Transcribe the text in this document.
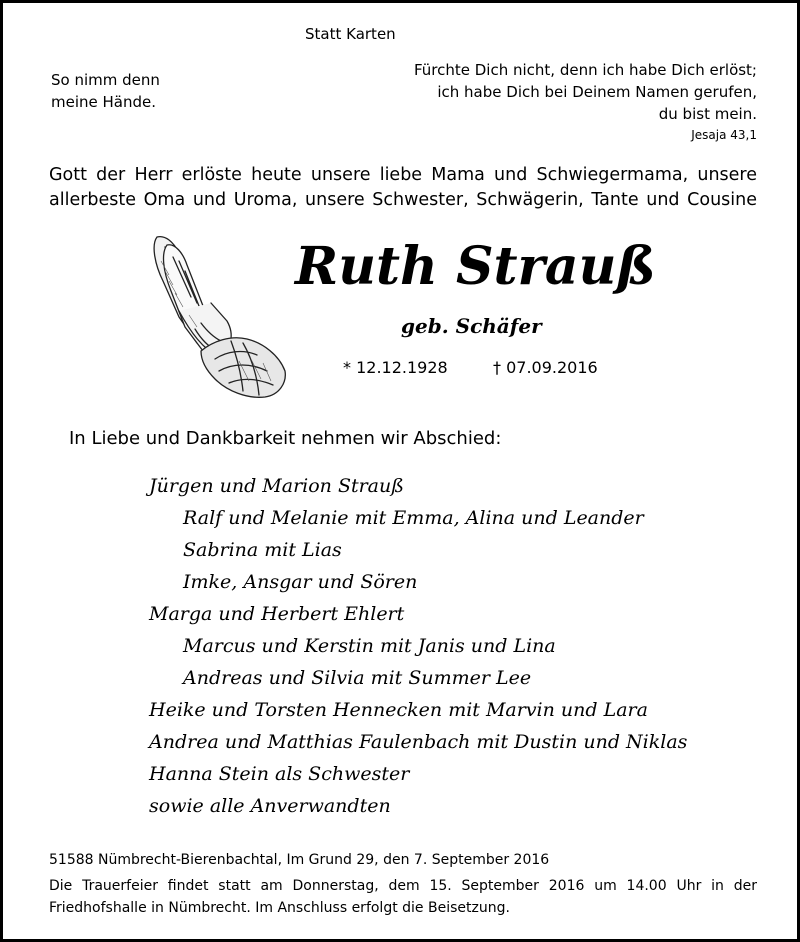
Statt Karten
So nimm denn
meine Hände.
Fürchte Dich nicht, denn ich habe Dich erlöst;
ich habe Dich bei Deinem Namen gerufen,
du bist mein.
Jesaja 43,1
Gott der Herr erlöste heute unsere liebe Mama und Schwiegermama, unsere
allerbeste Oma und Uroma, unsere Schwester, Schwägerin, Tante und Cousine
Ruth Strauß
geb. Schäfer
* 12.12.1928	† 07.09.2016
In Liebe und Dankbarkeit nehmen wir Abschied:
Jürgen und Marion Strauß
Ralf und Melanie mit Emma, Alina und Leander
Sabrina mit Lias
Imke, Ansgar und Sören
Marga und Herbert Ehlert
Marcus und Kerstin mit Janis und Lina
Andreas und Silvia mit Summer Lee
Heike und Torsten Hennecken mit Marvin und Lara
Andrea und Matthias Faulenbach mit Dustin und Niklas
Hanna Stein als Schwester
sowie alle Anverwandten
51588 Nümbrecht-Bierenbachtal, Im Grund 29, den 7. September 2016
Die Trauerfeier findet statt am Donnerstag, dem 15. September 2016 um 14.00 Uhr in der
Friedhofshalle in Nümbrecht. Im Anschluss erfolgt die Beisetzung.
